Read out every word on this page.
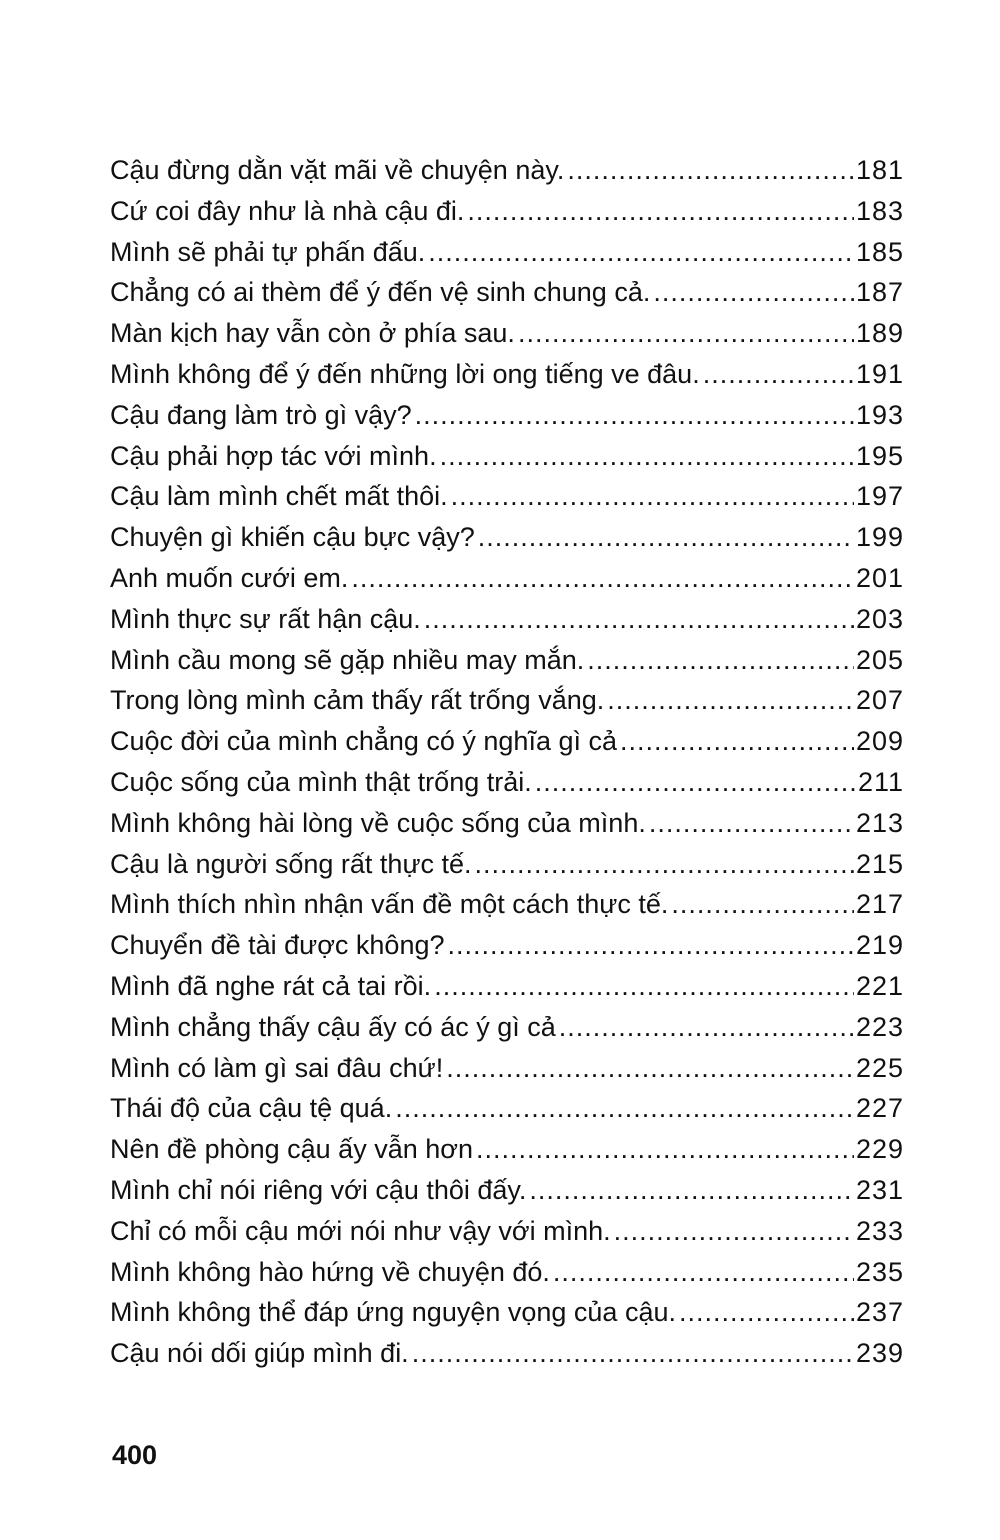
Cậu đừng dằn vặt mãi về chuyện này. .....	181
Cứ coi đây như là nhà cậu đi. .....	183
Mình sẽ phải tự phấn đấu. .....	185
Chẳng có ai thèm để ý đến vệ sinh chung cả. .....	187
Màn kịch hay vẫn còn ở phía sau. .....	189
Mình không để ý đến những lời ong tiếng ve đâu. .....	191
Cậu đang làm trò gì vậy? .....	193
Cậu phải hợp tác với mình. .....	195
Cậu làm mình chết mất thôi. .....	197
Chuyện gì khiến cậu bực vậy? .....	199
Anh muốn cưới em. .....	201
Mình thực sự rất hận cậu. .....	203
Mình cầu mong sẽ gặp nhiều may mắn. .....	205
Trong lòng mình cảm thấy rất trống vắng. .....	207
Cuộc đời của mình chẳng có ý nghĩa gì cả .....	209
Cuộc sống của mình thật trống trải. .....	211
Mình không hài lòng về cuộc sống của mình. .....	213
Cậu là người sống rất thực tế. .....	215
Mình thích nhìn nhận vấn đề một cách thực tế. .....	217
Chuyển đề tài được không? .....	219
Mình đã nghe rát cả tai rồi. .....	221
Mình chẳng thấy cậu ấy có ác ý gì cả .....	223
Mình có làm gì sai đâu chứ! .....	225
Thái độ của cậu tệ quá. .....	227
Nên đề phòng cậu ấy vẫn hơn .....	229
Mình chỉ nói riêng với cậu thôi đấy. .....	231
Chỉ có mỗi cậu mới nói như vậy với mình. .....	233
Mình không hào hứng về chuyện đó. .....	235
Mình không thể đáp ứng nguyện vọng của cậu. .....	237
Cậu nói dối giúp mình đi. .....	239
400
